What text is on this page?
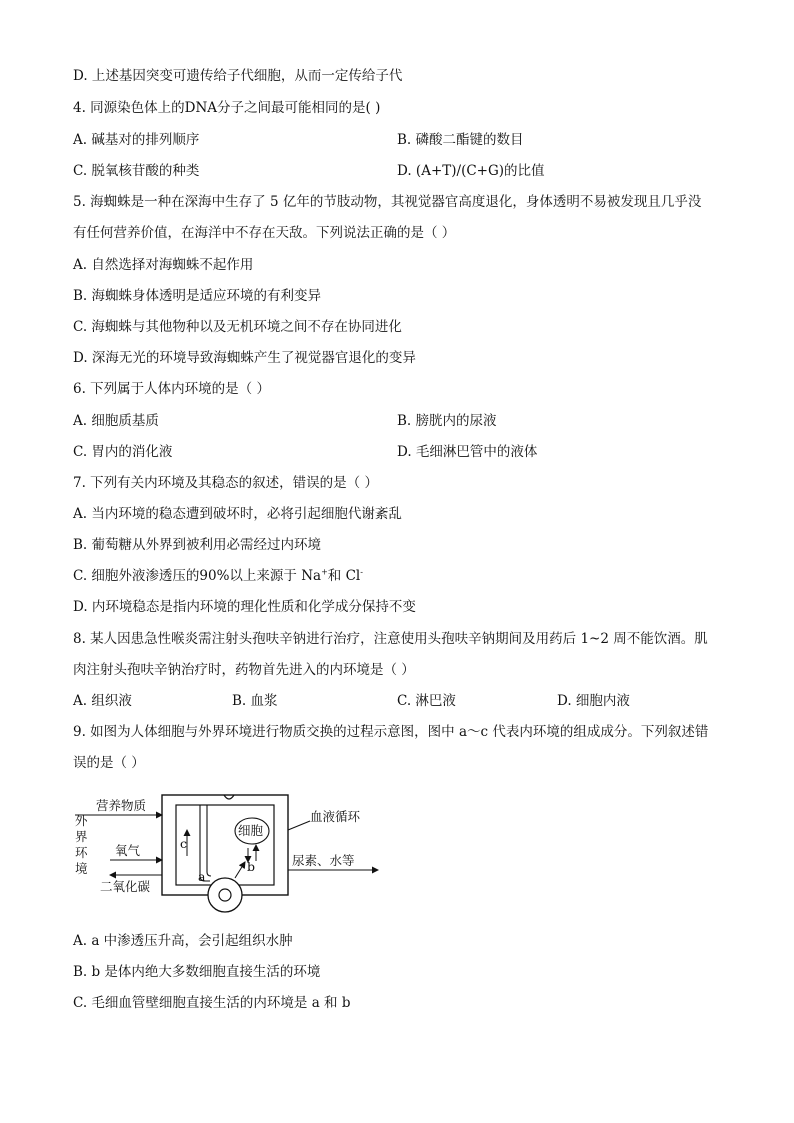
D. 上述基因突变可遗传给子代细胞，从而一定传给子代
4. 同源染色体上的DNA分子之间最可能相同的是( )
A. 碱基对的排列顺序	B. 磷酸二酯键的数目
C. 脱氧核苷酸的种类	D. (A+T)/(C+G)的比值
5. 海蜘蛛是一种在深海中生存了 5 亿年的节肢动物，其视觉器官高度退化，身体透明不易被发现且几乎没
有任何营养价值，在海洋中不存在天敌。下列说法正确的是（ ）
A. 自然选择对海蜘蛛不起作用
B. 海蜘蛛身体透明是适应环境的有利变异
C. 海蜘蛛与其他物种以及无机环境之间不存在协同进化
D. 深海无光的环境导致海蜘蛛产生了视觉器官退化的变异
6. 下列属于人体内环境的是（ ）
A. 细胞质基质	B. 膀胱内的尿液
C. 胃内的消化液	D. 毛细淋巴管中的液体
7. 下列有关内环境及其稳态的叙述，错误的是（ ）
A. 当内环境的稳态遭到破坏时，必将引起细胞代谢紊乱
B. 葡萄糖从外界到被利用必需经过内环境
C. 细胞外液渗透压的90%以上来源于 Na+和 Cl-
D. 内环境稳态是指内环境的理化性质和化学成分保持不变
8. 某人因患急性喉炎需注射头孢呋辛钠进行治疗，注意使用头孢呋辛钠期间及用药后 1~2 周不能饮酒。肌
肉注射头孢呋辛钠治疗时，药物首先进入的内环境是（ ）
A. 组织液	B. 血浆	C. 淋巴液	D. 细胞内液
9. 如图为人体细胞与外界环境进行物质交换的过程示意图，图中 a～c 代表内环境的组成成分。下列叙述错
误的是（ ）
营养物质
外
界
环
境
氧气
二氧化碳
细胞
血液循环
尿素、水等
a
b
c
A. a 中渗透压升高，会引起组织水肿
B. b 是体内绝大多数细胞直接生活的环境
C. 毛细血管壁细胞直接生活的内环境是 a 和 b
